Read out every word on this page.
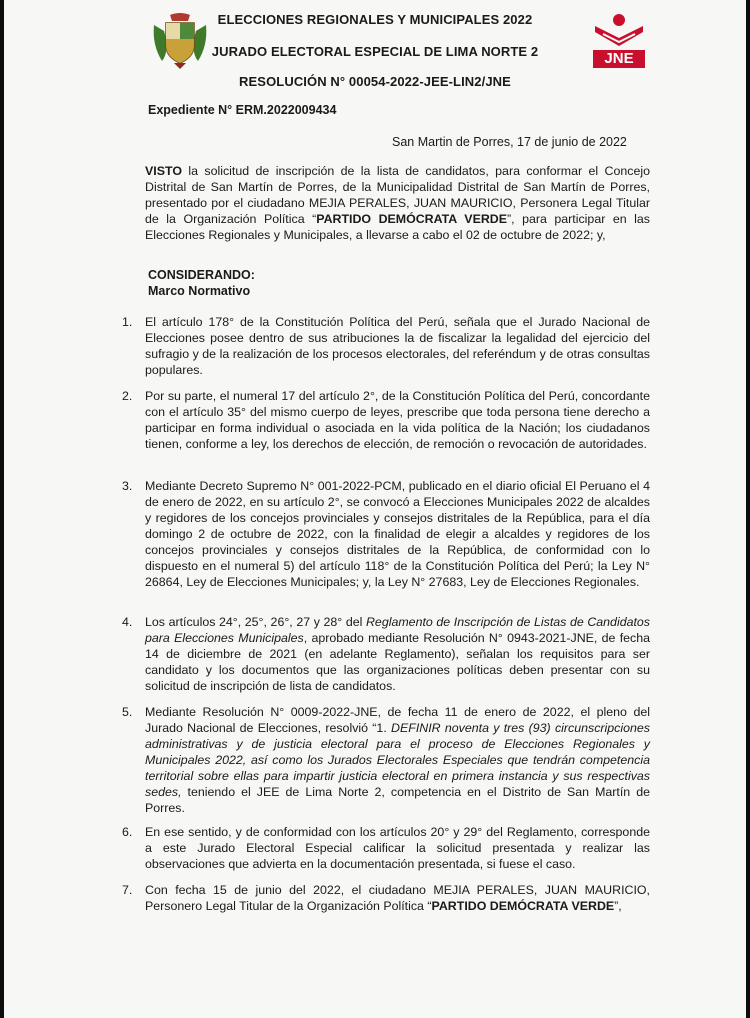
ELECCIONES REGIONALES Y MUNICIPALES 2022
JURADO ELECTORAL ESPECIAL DE LIMA NORTE 2
RESOLUCIÓN N° 00054-2022-JEE-LIN2/JNE
JNE
Expediente N° ERM.2022009434
San Martin de Porres, 17 de junio de 2022
VISTO la solicitud de inscripción de la lista de candidatos, para conformar el Concejo Distrital de San Martín de Porres, de la Municipalidad Distrital de San Martín de Porres, presentado por el ciudadano MEJIA PERALES, JUAN MAURICIO, Personera Legal Titular de la Organización Política “PARTIDO DEMÓCRATA VERDE”, para participar en las Elecciones Regionales y Municipales, a llevarse a cabo el 02 de octubre de 2022; y,
CONSIDERANDO:
Marco Normativo
1. El artículo 178° de la Constitución Política del Perú, señala que el Jurado Nacional de Elecciones posee dentro de sus atribuciones la de fiscalizar la legalidad del ejercicio del sufragio y de la realización de los procesos electorales, del referéndum y de otras consultas populares.
2. Por su parte, el numeral 17 del artículo 2°, de la Constitución Política del Perú, concordante con el artículo 35° del mismo cuerpo de leyes, prescribe que toda persona tiene derecho a participar en forma individual o asociada en la vida política de la Nación; los ciudadanos tienen, conforme a ley, los derechos de elección, de remoción o revocación de autoridades.
3. Mediante Decreto Supremo N° 001-2022-PCM, publicado en el diario oficial El Peruano el 4 de enero de 2022, en su artículo 2°, se convocó a Elecciones Municipales 2022 de alcaldes y regidores de los concejos provinciales y consejos distritales de la República, para el día domingo 2 de octubre de 2022, con la finalidad de elegir a alcaldes y regidores de los concejos provinciales y consejos distritales de la República, de conformidad con lo dispuesto en el numeral 5) del artículo 118° de la Constitución Política del Perú; la Ley N° 26864, Ley de Elecciones Municipales; y, la Ley N° 27683, Ley de Elecciones Regionales.
4. Los artículos 24°, 25°, 26°, 27 y 28° del Reglamento de Inscripción de Listas de Candidatos para Elecciones Municipales, aprobado mediante Resolución N° 0943-2021-JNE, de fecha 14 de diciembre de 2021 (en adelante Reglamento), señalan los requisitos para ser candidato y los documentos que las organizaciones políticas deben presentar con su solicitud de inscripción de lista de candidatos.
5. Mediante Resolución N° 0009-2022-JNE, de fecha 11 de enero de 2022, el pleno del Jurado Nacional de Elecciones, resolvió “1. DEFINIR noventa y tres (93) circunscripciones administrativas y de justicia electoral para el proceso de Elecciones Regionales y Municipales 2022, así como los Jurados Electorales Especiales que tendrán competencia territorial sobre ellas para impartir justicia electoral en primera instancia y sus respectivas sedes, teniendo el JEE de Lima Norte 2, competencia en el Distrito de San Martín de Porres.
6. En ese sentido, y de conformidad con los artículos 20° y 29° del Reglamento, corresponde a este Jurado Electoral Especial calificar la solicitud presentada y realizar las observaciones que advierta en la documentación presentada, si fuese el caso.
7. Con fecha 15 de junio del 2022, el ciudadano MEJIA PERALES, JUAN MAURICIO, Personero Legal Titular de la Organización Política “PARTIDO DEMÓCRATA VERDE”,
